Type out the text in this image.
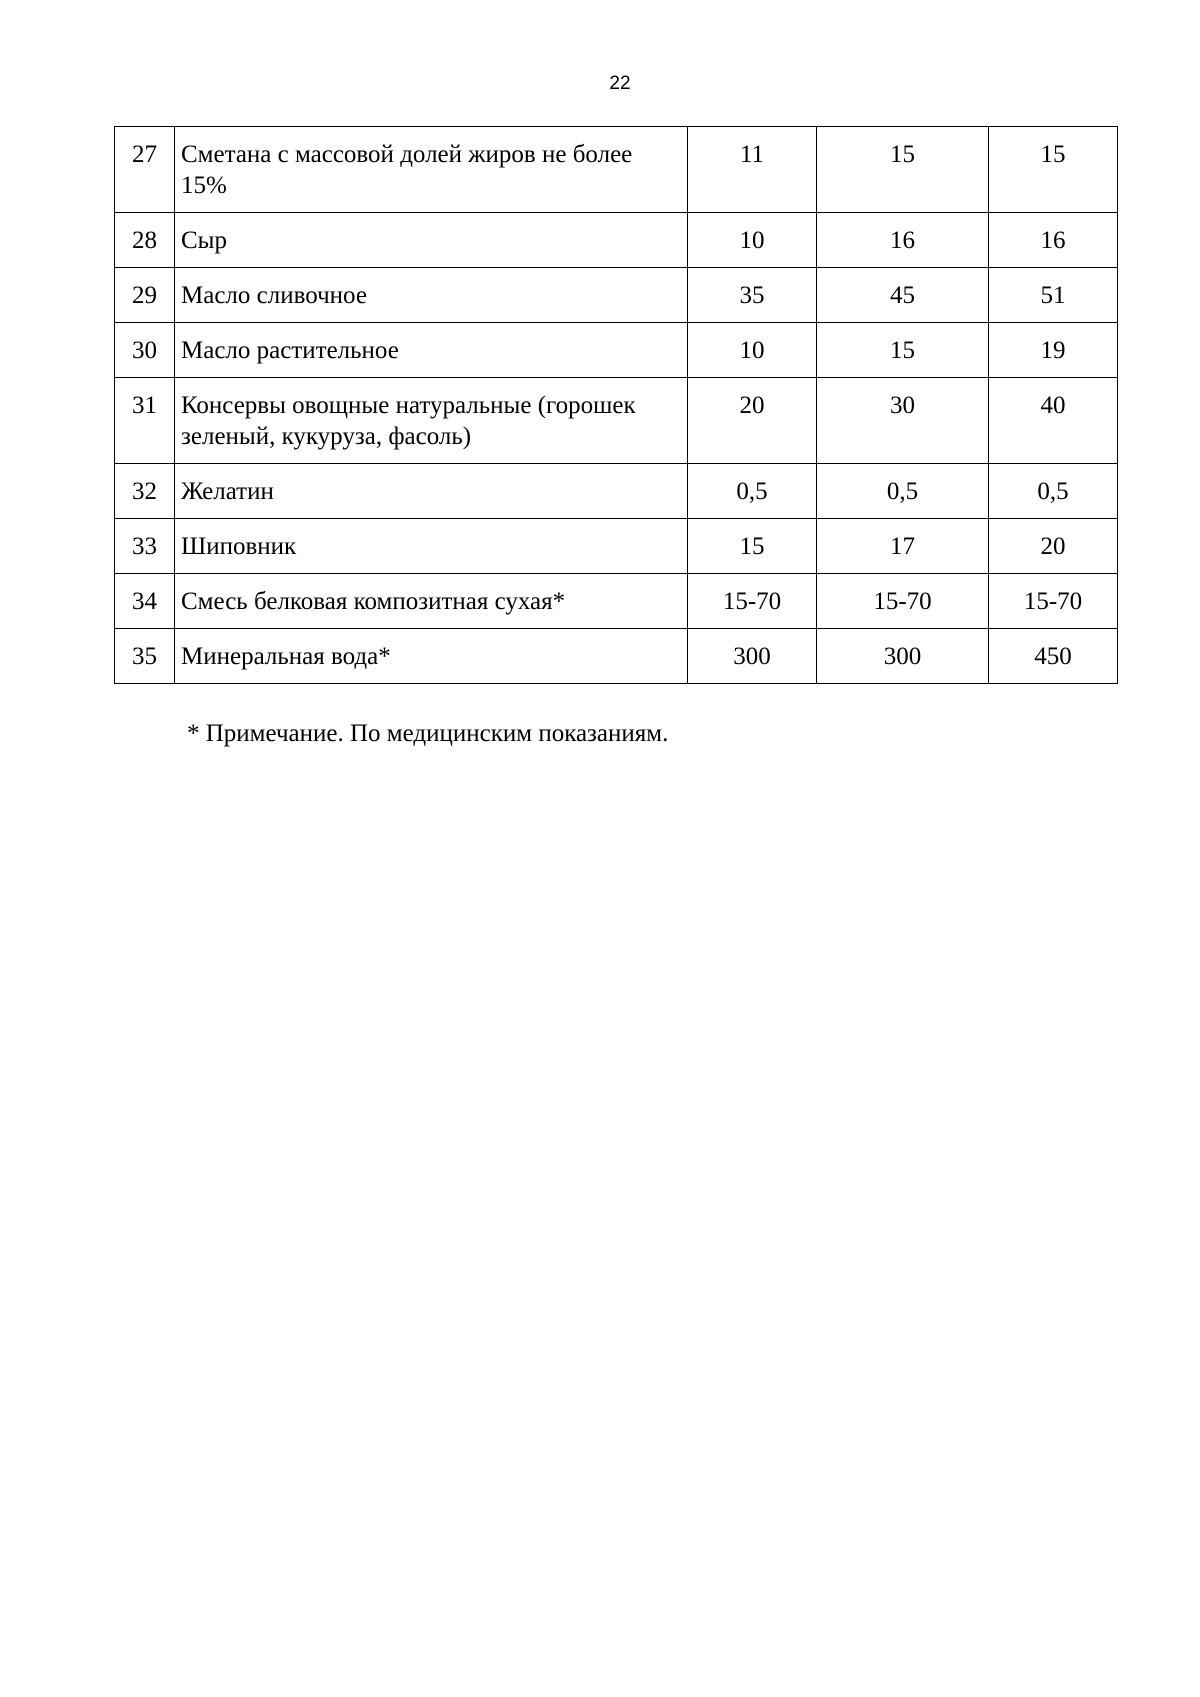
22
27	Сметана с массовой долей жиров не более 15%	11	15	15
28	Сыр	10	16	16
29	Масло сливочное	35	45	51
30	Масло растительное	10	15	19
31	Консервы овощные натуральные (горошек зеленый, кукуруза, фасоль)	20	30	40
32	Желатин	0,5	0,5	0,5
33	Шиповник	15	17	20
34	Смесь белковая композитная сухая*	15-70	15-70	15-70
35	Минеральная вода*	300	300	450
* Примечание. По медицинским показаниям.
